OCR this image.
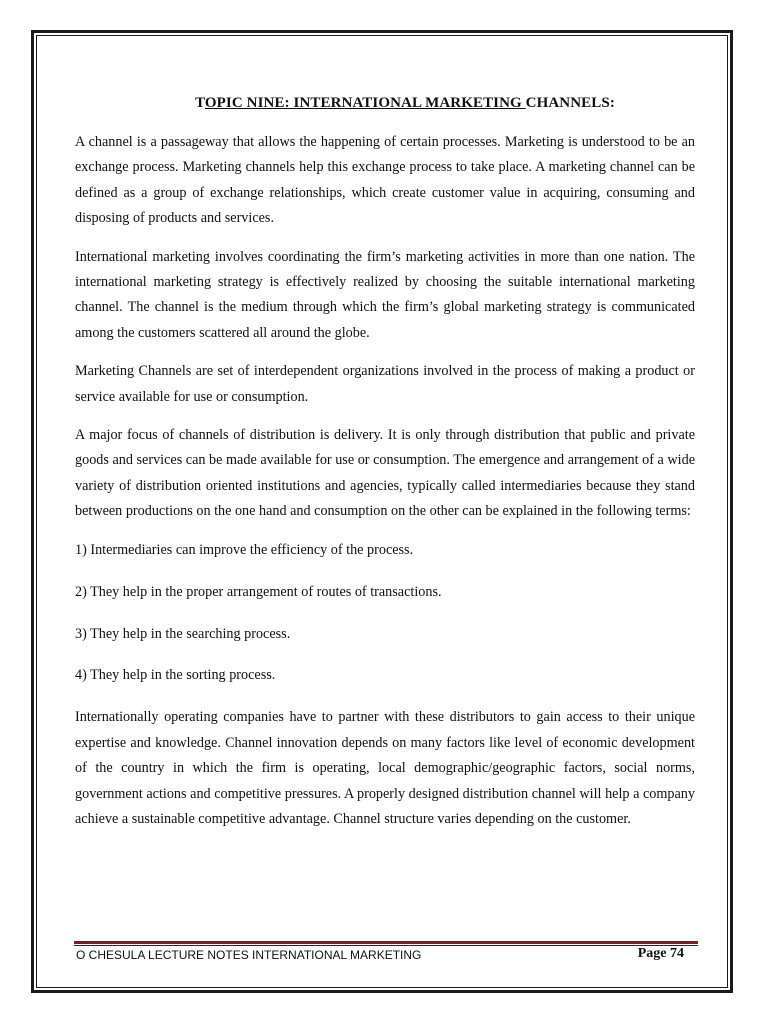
TOPIC NINE: INTERNATIONAL MARKETING CHANNELS:

A channel is a passageway that allows the happening of certain processes. Marketing is understood to be an exchange process. Marketing channels help this exchange process to take place. A marketing channel can be defined as a group of exchange relationships, which create customer value in acquiring, consuming and disposing of products and services.

International marketing involves coordinating the firm’s marketing activities in more than one nation. The international marketing strategy is effectively realized by choosing the suitable international marketing channel. The channel is the medium through which the firm’s global marketing strategy is communicated among the customers scattered all around the globe.

Marketing Channels are set of interdependent organizations involved in the process of making a product or service available for use or consumption.

A major focus of channels of distribution is delivery. It is only through distribution that public and private goods and services can be made available for use or consumption. The emergence and arrangement of a wide variety of distribution oriented institutions and agencies, typically called intermediaries because they stand between productions on the one hand and consumption on the other can be explained in the following terms:

1) Intermediaries can improve the efficiency of the process.
2) They help in the proper arrangement of routes of transactions.
3) They help in the searching process.
4) They help in the sorting process.

Internationally operating companies have to partner with these distributors to gain access to their unique expertise and knowledge. Channel innovation depends on many factors like level of economic development of the country in which the firm is operating, local demographic/geographic factors, social norms, government actions and competitive pressures. A properly designed distribution channel will help a company achieve a sustainable competitive advantage. Channel structure varies depending on the customer.

O CHESULA LECTURE NOTES INTERNATIONAL MARKETING	Page 74
